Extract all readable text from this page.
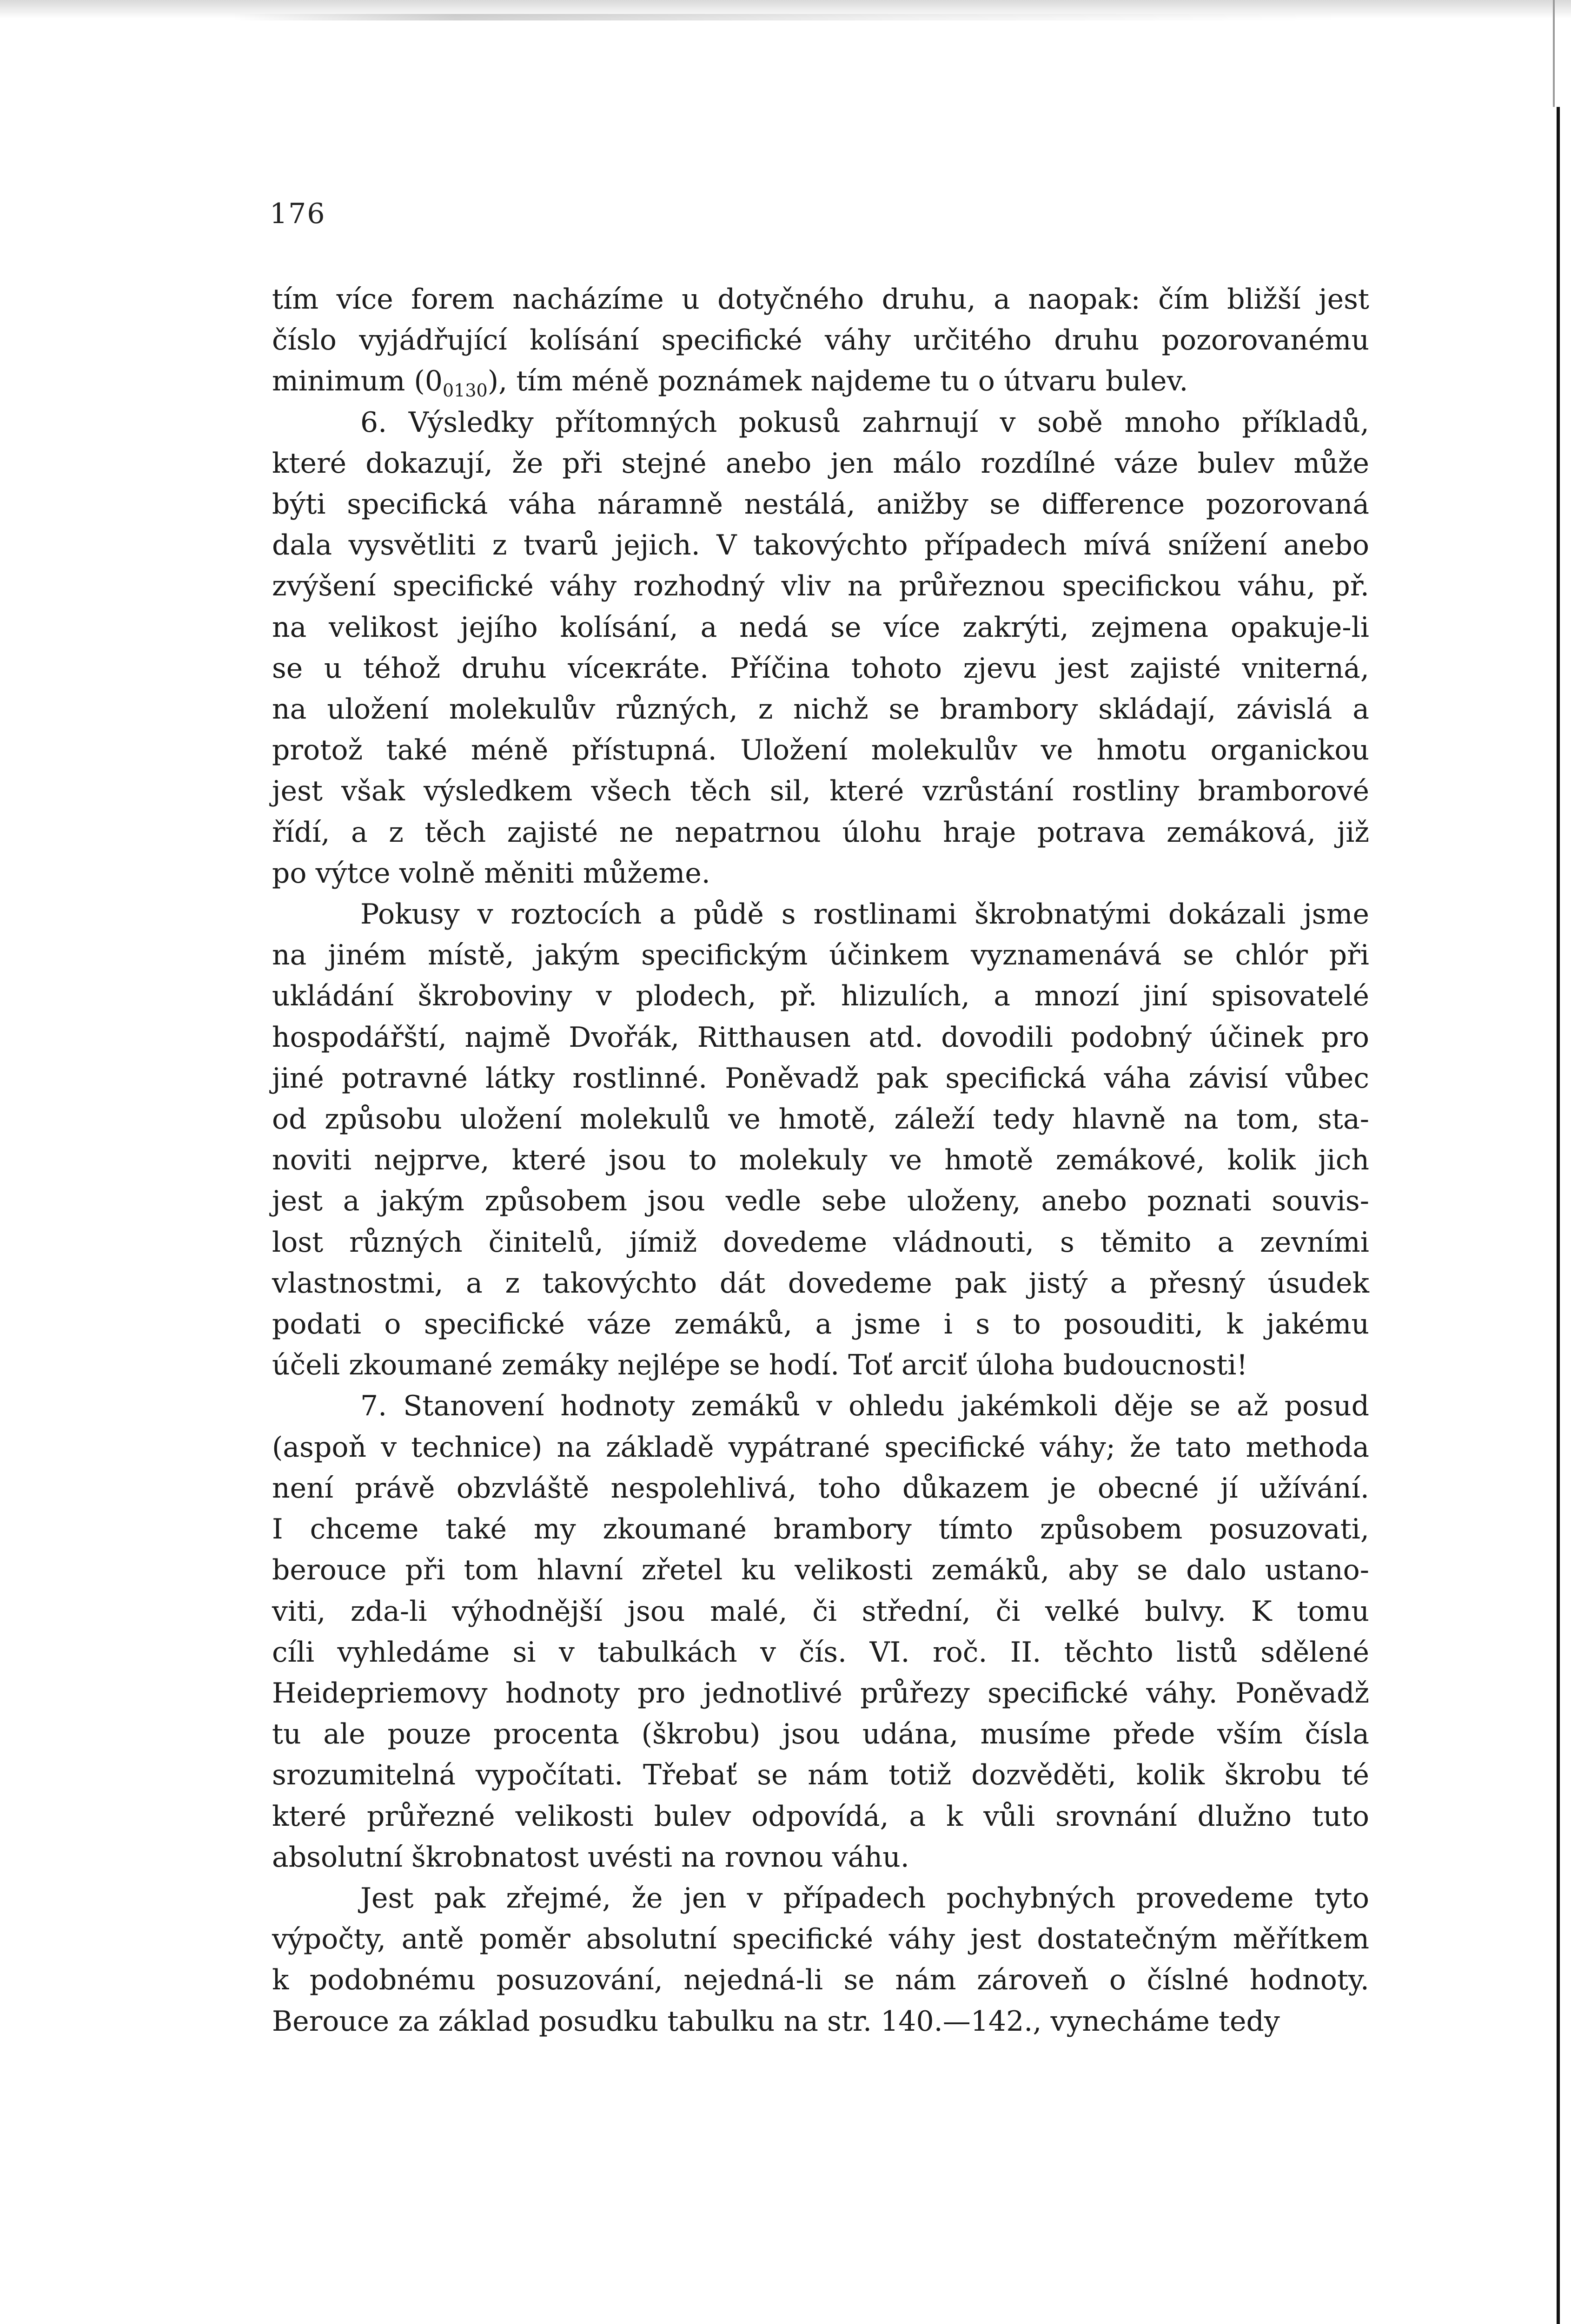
176
tím více forem nacházíme u dotyčného druhu, a naopak: čím bližší jest
číslo vyjádřující kolísání specifické váhy určitého druhu pozorovanému
minimum $(0_{0130})$, tím méně poznámek najdeme tu o útvaru bulev.
6. Výsledky přítomných pokusů zahrnují v sobě mnoho příkladů,
které dokazují, že při stejné anebo jen málo rozdílné váze bulev může
býti specifická váha náramně nestálá, anižby se difference pozorovaná
dala vysvětliti z tvarů jejich. V takovýchto případech mívá snížení anebo
zvýšení specifické váhy rozhodný vliv na průřeznou specifickou váhu, př.
na velikost jejího kolísání, a nedá se více zakrýti, zejmena opakuje-li
se u téhož druhu víceкráte. Příčina tohoto zjevu jest zajisté vniterná,
na uložení molekulův různých, z nichž se brambory skládají, závislá a
protož také méně přístupná. Uložení molekulův ve hmotu organickou
jest však výsledkem všech těch sil, které vzrůstání rostliny bramborové
řídí, a z těch zajisté ne nepatrnou úlohu hraje potrava zemáková, již
po výtce volně měniti můžeme.
Pokusy v roztocích a půdě s rostlinami škrobnatými dokázali jsme
na jiném místě, jakým specifickým účinkem vyznamenává se chlór při
ukládání škroboviny v plodech, př. hlizulích, a mnozí jiní spisovatelé
hospodářští, najmě Dvořák, Ritthausen atd. dovodili podobný účinek pro
jiné potravné látky rostlinné. Poněvadž pak specifická váha závisí vůbec
od způsobu uložení molekulů ve hmotě, záleží tedy hlavně na tom, sta-
noviti nejprve, které jsou to molekuly ve hmotě zemákové, kolik jich
jest a jakým způsobem jsou vedle sebe uloženy, anebo poznati souvis-
lost různých činitelů, jímiž dovedeme vládnouti, s těmito a zevními
vlastnostmi, a z takovýchto dát dovedeme pak jistý a přesný úsudek
podati o specifické váze zemáků, a jsme i s to posouditi, k jakému
účeli zkoumané zemáky nejlépe se hodí. Toť arciť úloha budoucnosti!
7. Stanovení hodnoty zemáků v ohledu jakémkoli děje se až posud
(aspoň v technice) na základě vypátrané specifické váhy; že tato methoda
není právě obzvláště nespolehlivá, toho důkazem je obecné jí užívání.
I chceme také my zkoumané brambory tímto způsobem posuzovati,
berouce při tom hlavní zřetel ku velikosti zemáků, aby se dalo ustano-
viti, zda-li výhodnější jsou malé, či střední, či velké bulvy. K tomu
cíli vyhledáme si v tabulkách v čís. VI. roč. II. těchto listů sdělené
Heidepriemovy hodnoty pro jednotlivé průřezy specifické váhy. Poněvadž
tu ale pouze procenta (škrobu) jsou udána, musíme přede vším čísla
srozumitelná vypočítati. Třebať se nám totiž dozvěděti, kolik škrobu té
které průřezné velikosti bulev odpovídá, a k vůli srovnání dlužno tuto
absolutní škrobnatost uvésti na rovnou váhu.
Jest pak zřejmé, že jen v případech pochybných provedeme tyto
výpočty, antě poměr absolutní specifické váhy jest dostatečným měřítkem
k podobnému posuzování, nejedná-li se nám zároveň o číslné hodnoty.
Berouce za základ posudku tabulku na str. 140.—142., vynecháme tedy
